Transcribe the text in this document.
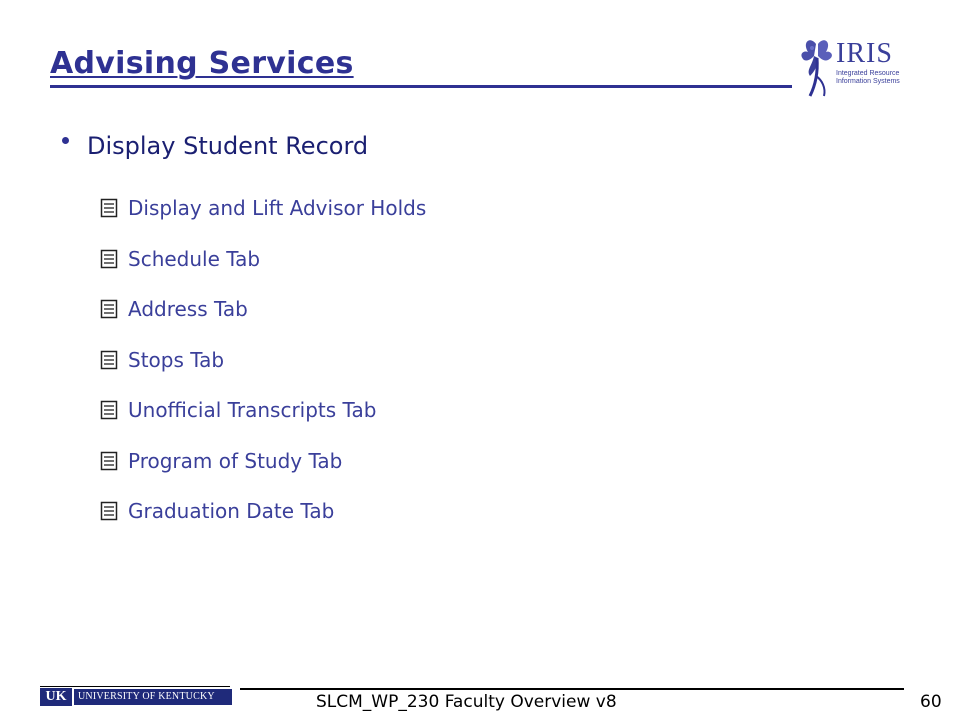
Advising Services	IRIS
Integrated Resource
Information Systems
Display Student Record
Display and Lift Advisor Holds
Schedule Tab
Address Tab
Stops Tab
Unofficial Transcripts Tab
Program of Study Tab
Graduation Date Tab
UK	UNIVERSITY OF KENTUCKY	SLCM_WP_230 Faculty Overview v8	60
